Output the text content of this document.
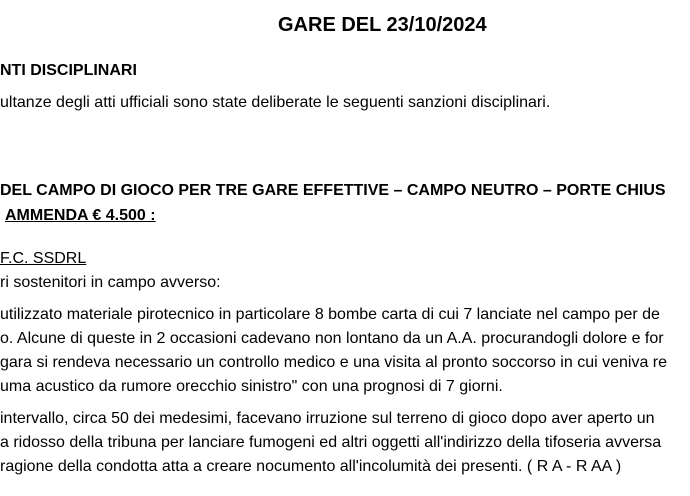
GARE DEL 23/10/2024
NTI DISCIPLINARI
ultanze degli atti ufficiali sono state deliberate le seguenti sanzioni disciplinari.
DEL CAMPO DI GIOCO PER TRE GARE EFFETTIVE – CAMPO NEUTRO – PORTE CHIUS
AMMENDA € 4.500 :
F.C. SSDRL
ri sostenitori in campo avverso:
utilizzato materiale pirotecnico in particolare 8 bombe carta di cui 7 lanciate nel campo per de
o. Alcune di queste in 2 occasioni cadevano non lontano da un A.A. procurandogli dolore e for
gara si rendeva necessario un controllo medico e una visita al pronto soccorso in cui veniva re
uma acustico da rumore orecchio sinistro" con una prognosi di 7 giorni.
intervallo, circa 50 dei medesimi, facevano irruzione sul terreno di gioco dopo aver aperto un
a ridosso della tribuna per lanciare fumogeni ed altri oggetti all'indirizzo della tifoseria avversa
ragione della condotta atta a creare nocumento all'incolumità dei presenti. ( R A - R AA )
